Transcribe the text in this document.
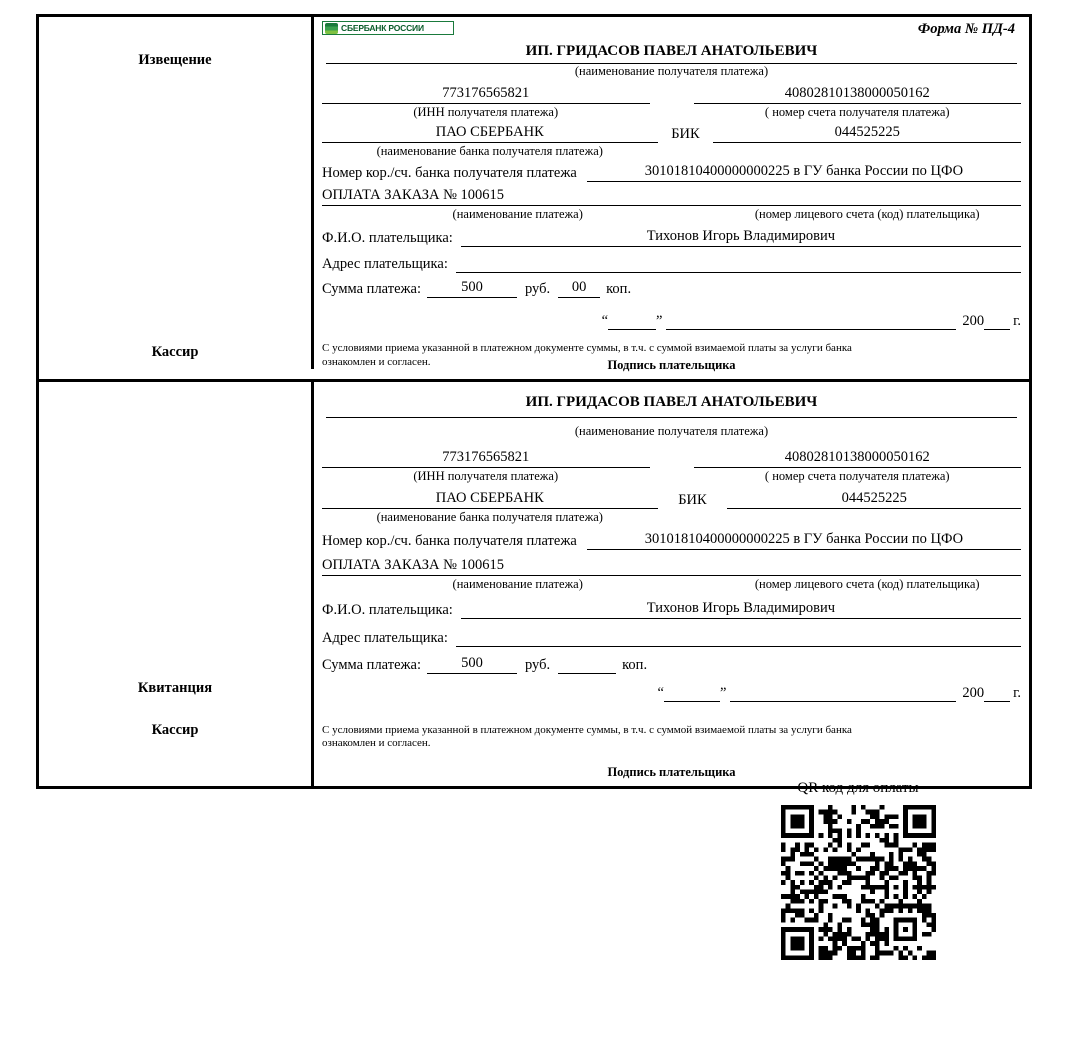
Извещение
Кассир
СБЕРБАНК РОССИИ	Форма № ПД-4
ИП. ГРИДАСОВ ПАВЕЛ АНАТОЛЬЕВИЧ
(наименование получателя платежа)
773176565821
(ИНН получателя платежа)
40802810138000050162
( номер счета получателя платежа)
ПАО СБЕРБАНК	БИК	044525225
(наименование банка получателя платежа)
Номер кор./сч. банка получателя платежа	30101810400000000225 в ГУ банка России по ЦФО
ОПЛАТА ЗАКАЗА № 100615
(наименование платежа)	(номер лицевого счета (код) плательщика)
Ф.И.О. плательщика:	Тихонов Игорь Владимирович
Адрес плательщика:
Сумма платежа:	500	руб.	00	коп.
“	”	200 г.
С условиями приема указанной в платежном документе суммы, в т.ч. с суммой взимаемой платы за услуги банка
ознакомлен и согласен.	Подпись плательщика
Квитанция
Кассир
ИП. ГРИДАСОВ ПАВЕЛ АНАТОЛЬЕВИЧ
(наименование получателя платежа)
773176565821
(ИНН получателя платежа)
40802810138000050162
( номер счета получателя платежа)
ПАО СБЕРБАНК	БИК	044525225
(наименование банка получателя платежа)
Номер кор./сч. банка получателя платежа	30101810400000000225 в ГУ банка России по ЦФО
ОПЛАТА ЗАКАЗА № 100615
(наименование платежа)	(номер лицевого счета (код) плательщика)
Ф.И.О. плательщика:	Тихонов Игорь Владимирович
Адрес плательщика:
Сумма платежа:	500	руб.	коп.
“	”	200 г.
С условиями приема указанной в платежном документе суммы, в т.ч. с суммой взимаемой платы за услуги банка
ознакомлен и согласен.
Подпись плательщика
QR код для оплаты
